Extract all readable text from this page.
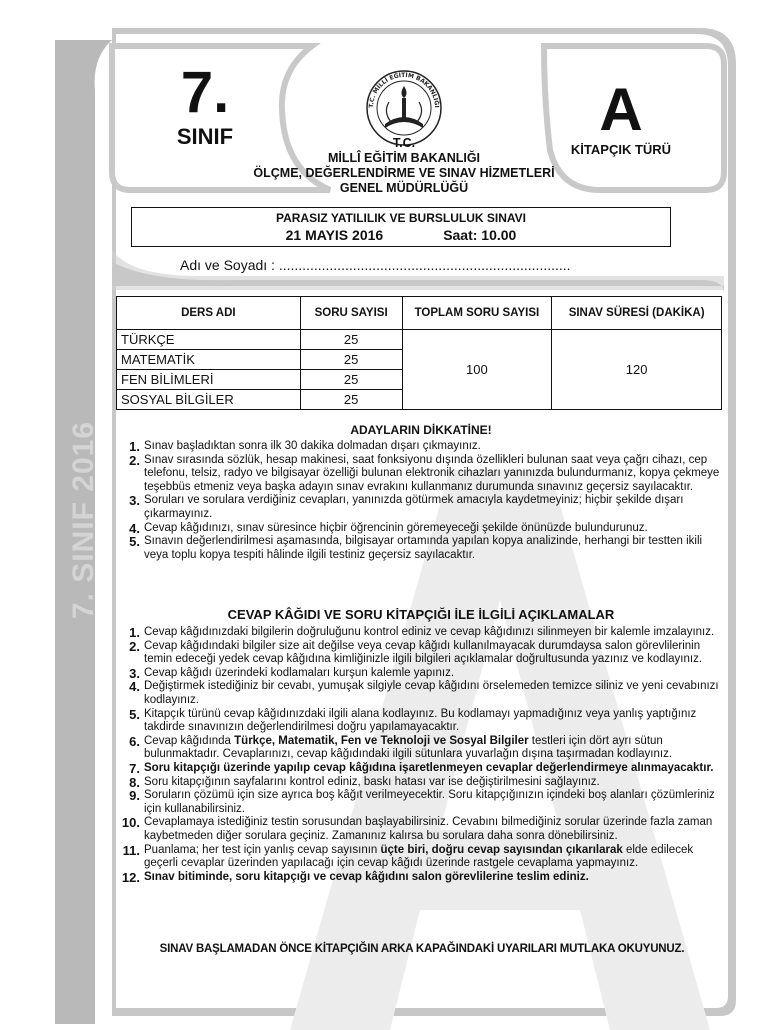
7. SINIF 2016
7.
SINIF
T.C. MİLLÎ EĞİTİM BAKANLIĞI	A
KİTAPÇIK TÜRÜ
T.C.
MİLLÎ EĞİTİM BAKANLIĞI
ÖLÇME, DEĞERLENDİRME VE SINAV HİZMETLERİ
GENEL MÜDÜRLÜĞÜ
PARASIZ YATILILIK VE BURSLULUK SINAVI
21 MAYIS 2016	Saat: 10.00
Adı ve Soyadı : ...........................................................................
DERS ADI	SORU SAYISI	TOPLAM SORU SAYISI	SINAV SÜRESİ (DAKİKA)
TÜRKÇE	25	100	120
MATEMATİK	25		
FEN BİLİMLERİ	25		
SOSYAL BİLGİLER	25		
ADAYLARIN DİKKATİNE!
1. Sınav başladıktan sonra ilk 30 dakika dolmadan dışarı çıkmayınız.
2. Sınav sırasında sözlük, hesap makinesi, saat fonksiyonu dışında özellikleri bulunan saat veya çağrı cihazı, cep telefonu, telsiz, radyo ve bilgisayar özelliği bulunan elektronik cihazları yanınızda bulundurmanız, kopya çekmeye teşebbüs etmeniz veya başka adayın sınav evrakını kullanmanız durumunda sınavınız geçersiz sayılacaktır.
3. Soruları ve sorulara verdiğiniz cevapları, yanınızda götürmek amacıyla kaydetmeyiniz; hiçbir şekilde dışarı çıkarmayınız.
4. Cevap kâğıdınızı, sınav süresince hiçbir öğrencinin göremeyeceği şekilde önünüzde bulundurunuz.
5. Sınavın değerlendirilmesi aşamasında, bilgisayar ortamında yapılan kopya analizinde, herhangi bir testten ikili veya toplu kopya tespiti hâlinde ilgili testiniz geçersiz sayılacaktır.
CEVAP KÂĞIDI VE SORU KİTAPÇIĞI İLE İLGİLİ AÇIKLAMALAR
1. Cevap kâğıdınızdaki bilgilerin doğruluğunu kontrol ediniz ve cevap kâğıdınızı silinmeyen bir kalemle imzalayınız.
2. Cevap kâğıdındaki bilgiler size ait değilse veya cevap kâğıdı kullanılmayacak durumdaysa salon görevlilerinin temin edeceği yedek cevap kâğıdına kimliğinizle ilgili bilgileri açıklamalar doğrultusunda yazınız ve kodlayınız.
3. Cevap kâğıdı üzerindeki kodlamaları kurşun kalemle yapınız.
4. Değiştirmek istediğiniz bir cevabı, yumuşak silgiyle cevap kâğıdını örselemeden temizce siliniz ve yeni cevabınızı kodlayınız.
5. Kitapçık türünü cevap kâğıdınızdaki ilgili alana kodlayınız. Bu kodlamayı yapmadığınız veya yanlış yaptığınız takdirde sınavınızın değerlendirilmesi doğru yapılamayacaktır.
6. Cevap kâğıdında Türkçe, Matematik, Fen ve Teknoloji ve Sosyal Bilgiler testleri için dört ayrı sütun bulunmaktadır. Cevaplarınızı, cevap kâğıdındaki ilgili sütunlara yuvarlağın dışına taşırmadan kodlayınız.
7. Soru kitapçığı üzerinde yapılıp cevap kâğıdına işaretlenmeyen cevaplar değerlendirmeye alınmayacaktır.
8. Soru kitapçığının sayfalarını kontrol ediniz, baskı hatası var ise değiştirilmesini sağlayınız.
9. Soruların çözümü için size ayrıca boş kâğıt verilmeyecektir. Soru kitapçığınızın içindeki boş alanları çözümleriniz için kullanabilirsiniz.
10. Cevaplamaya istediğiniz testin sorusundan başlayabilirsiniz. Cevabını bilmediğiniz sorular üzerinde fazla zaman kaybetmeden diğer sorulara geçiniz. Zamanınız kalırsa bu sorulara daha sonra dönebilirsiniz.
11. Puanlama; her test için yanlış cevap sayısının üçte biri, doğru cevap sayısından çıkarılarak elde edilecek geçerli cevaplar üzerinden yapılacağı için cevap kâğıdı üzerinde rastgele cevaplama yapmayınız.
12. Sınav bitiminde, soru kitapçığı ve cevap kâğıdını salon görevlilerine teslim ediniz.
SINAV BAŞLAMADAN ÖNCE KİTAPÇIĞIN ARKA KAPAĞINDAKİ UYARILARI MUTLAKA OKUYUNUZ.
